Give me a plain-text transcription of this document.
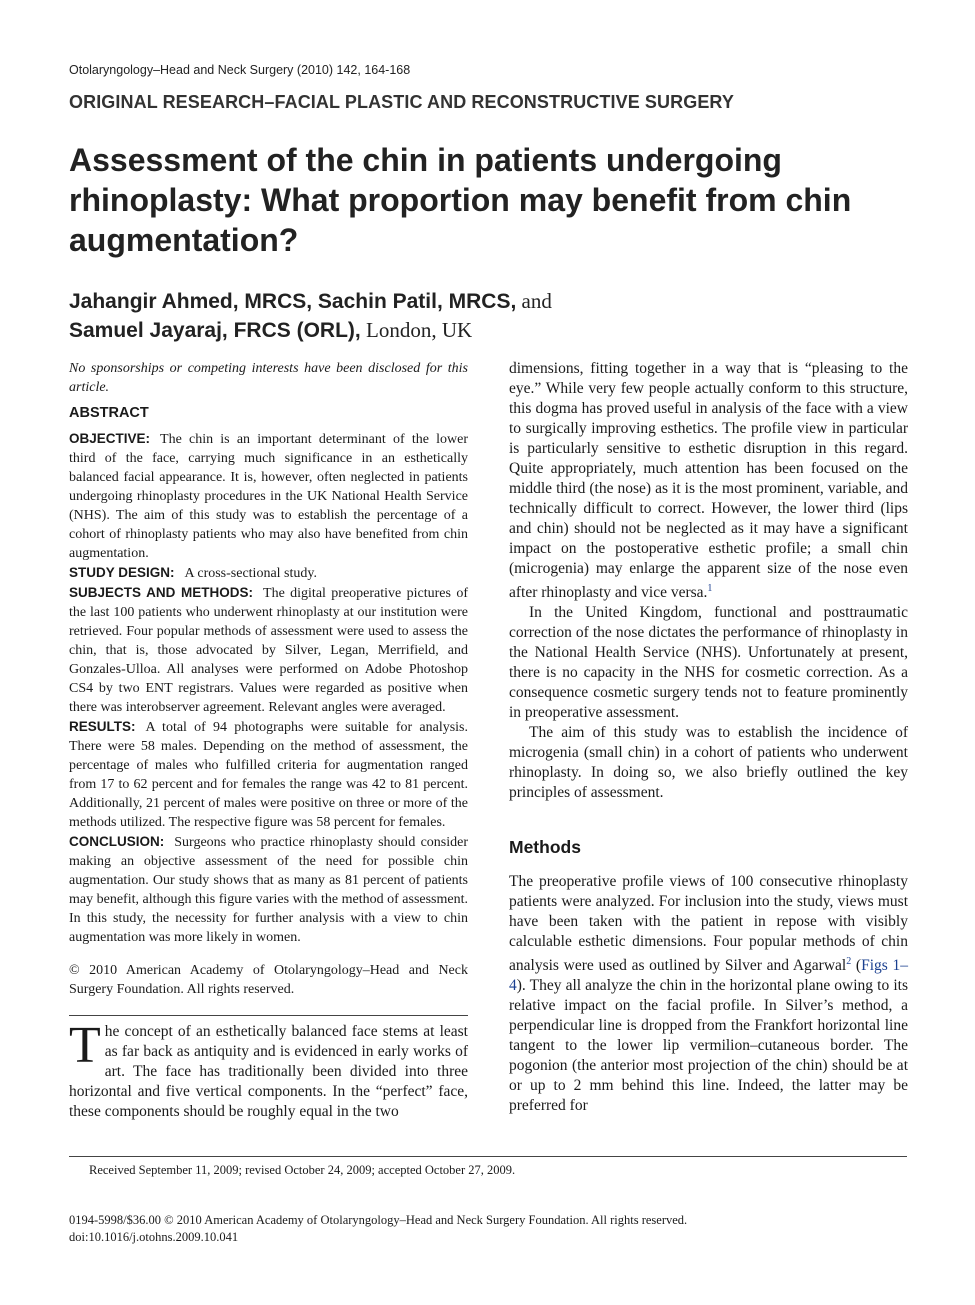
Otolaryngology–Head and Neck Surgery (2010) 142, 164-168
ORIGINAL RESEARCH–FACIAL PLASTIC AND RECONSTRUCTIVE SURGERY
Assessment of the chin in patients undergoing rhinoplasty: What proportion may benefit from chin augmentation?
Jahangir Ahmed, MRCS, Sachin Patil, MRCS, and
Samuel Jayaraj, FRCS (ORL), London, UK

No sponsorships or competing interests have been disclosed for this article.

ABSTRACT

OBJECTIVE: The chin is an important determinant of the lower third of the face, carrying much significance in an esthetically balanced facial appearance. It is, however, often neglected in patients undergoing rhinoplasty procedures in the UK National Health Service (NHS). The aim of this study was to establish the percentage of a cohort of rhinoplasty patients who may also have benefited from chin augmentation.

STUDY DESIGN: A cross-sectional study.

SUBJECTS AND METHODS: The digital preoperative pictures of the last 100 patients who underwent rhinoplasty at our institution were retrieved. Four popular methods of assessment were used to assess the chin, that is, those advocated by Silver, Legan, Merrifield, and Gonzales-Ulloa. All analyses were performed on Adobe Photoshop CS4 by two ENT registrars. Values were regarded as positive when there was interobserver agreement. Relevant angles were averaged.

RESULTS: A total of 94 photographs were suitable for analysis. There were 58 males. Depending on the method of assessment, the percentage of males who fulfilled criteria for augmentation ranged from 17 to 62 percent and for females the range was 42 to 81 percent. Additionally, 21 percent of males were positive on three or more of the methods utilized. The respective figure was 58 percent for females.

CONCLUSION: Surgeons who practice rhinoplasty should consider making an objective assessment of the need for possible chin augmentation. Our study shows that as many as 81 percent of patients may benefit, although this figure varies with the method of assessment. In this study, the necessity for further analysis with a view to chin augmentation was more likely in women.

© 2010 American Academy of Otolaryngology–Head and Neck Surgery Foundation. All rights reserved.

The concept of an esthetically balanced face stems at least as far back as antiquity and is evidenced in early works of art. The face has traditionally been divided into three horizontal and five vertical components. In the “perfect” face, these components should be roughly equal in the two

dimensions, fitting together in a way that is “pleasing to the eye.” While very few people actually conform to this structure, this dogma has proved useful in analysis of the face with a view to surgically improving esthetics. The profile view in particular is particularly sensitive to esthetic disruption in this regard. Quite appropriately, much attention has been focused on the middle third (the nose) as it is the most prominent, variable, and technically difficult to correct. However, the lower third (lips and chin) should not be neglected as it may have a significant impact on the postoperative esthetic profile; a small chin (microgenia) may enlarge the apparent size of the nose even after rhinoplasty and vice versa.$^1$

In the United Kingdom, functional and posttraumatic correction of the nose dictates the performance of rhinoplasty in the National Health Service (NHS). Unfortunately at present, there is no capacity in the NHS for cosmetic correction. As a consequence cosmetic surgery tends not to feature prominently in preoperative assessment.

The aim of this study was to establish the incidence of microgenia (small chin) in a cohort of patients who underwent rhinoplasty. In doing so, we also briefly outlined the key principles of assessment.

Methods

The preoperative profile views of 100 consecutive rhinoplasty patients were analyzed. For inclusion into the study, views must have been taken with the patient in repose with visibly calculable esthetic dimensions. Four popular methods of chin analysis were used as outlined by Silver and Agarwal$^2$ (Figs 1–4). They all analyze the chin in the horizontal plane owing to its relative impact on the facial profile. In Silver’s method, a perpendicular line is dropped from the Frankfort horizontal line tangent to the lower lip vermilion–cutaneous border. The pogonion (the anterior most projection of the chin) should be at or up to 2 mm behind this line. Indeed, the latter may be preferred for

Received September 11, 2009; revised October 24, 2009; accepted October 27, 2009.
0194-5998/$36.00 © 2010 American Academy of Otolaryngology–Head and Neck Surgery Foundation. All rights reserved.
doi:10.1016/j.otohns.2009.10.041
